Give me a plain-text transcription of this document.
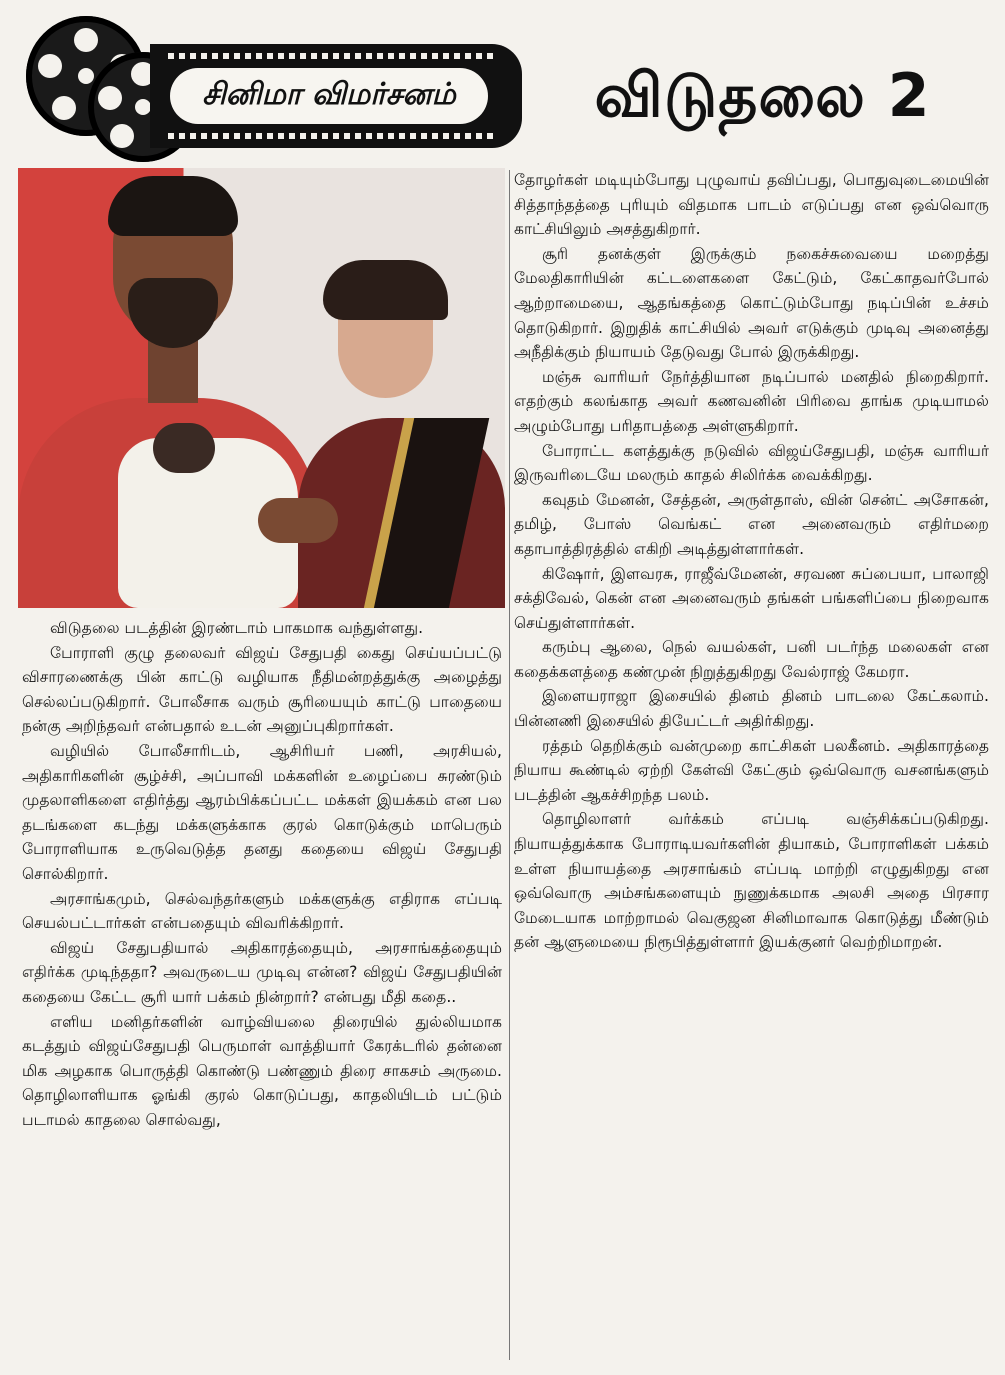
சினிமா விமர்சனம்	விடுதலை 2

விடுதலை படத்தின் இரண்டாம் பாகமாக வந்துள்ளது.

போராளி குழு தலைவர் விஜய் சேதுபதி கைது செய்யப்பட்டு விசாரணைக்கு பின் காட்டு வழியாக நீதிமன்றத்துக்கு அழைத்து செல்லப்படுகிறார். போலீசாக வரும் சூரியையும் காட்டு பாதையை நன்கு அறிந்தவர் என்பதால் உடன் அனுப்புகிறார்கள்.

வழியில் போலீசாரிடம், ஆசிரியர் பணி, அரசியல், அதிகாரிகளின் சூழ்ச்சி, அப்பாவி மக்களின் உழைப்பை சுரண்டும் முதலாளிகளை எதிர்த்து ஆரம்பிக்கப்பட்ட மக்கள் இயக்கம் என பல தடங்களை கடந்து மக்களுக்காக குரல் கொடுக்கும் மாபெரும் போராளியாக உருவெடுத்த தனது கதையை விஜய் சேதுபதி சொல்கிறார்.

அரசாங்கமும், செல்வந்தர்களும் மக்களுக்கு எதிராக எப்படி செயல்பட்டார்கள் என்பதையும் விவரிக்கிறார்.

விஜய் சேதுபதியால் அதிகாரத்தையும், அரசாங்கத்தையும் எதிர்க்க முடிந்ததா? அவருடைய முடிவு என்ன? விஜய் சேதுபதியின் கதையை கேட்ட சூரி யார் பக்கம் நின்றார்? என்பது மீதி கதை..

எளிய மனிதர்களின் வாழ்வியலை திரையில் துல்லியமாக கடத்தும் விஜய்சேதுபதி பெருமாள் வாத்தியார் கேரக்டரில் தன்னை மிக அழகாக பொருத்தி கொண்டு பண்ணும் திரை சாகசம் அருமை. தொழிலாளியாக ஓங்கி குரல் கொடுப்பது, காதலியிடம் பட்டும் படாமல் காதலை சொல்வது,

தோழர்கள் மடியும்போது புழுவாய் தவிப்பது, பொதுவுடைமையின் சித்தாந்தத்தை புரியும் விதமாக பாடம் எடுப்பது என ஒவ்வொரு காட்சியிலும் அசத்துகிறார்.

சூரி தனக்குள் இருக்கும் நகைச்சுவையை மறைத்து மேலதிகாரியின் கட்டளைகளை கேட்டும், கேட்காதவர்போல் ஆற்றாமையை, ஆதங்கத்தை கொட்டும்போது நடிப்பின் உச்சம் தொடுகிறார். இறுதிக் காட்சியில் அவர் எடுக்கும் முடிவு அனைத்து அநீதிக்கும் நியாயம் தேடுவது போல் இருக்கிறது.

மஞ்சு வாரியர் நேர்த்தியான நடிப்பால் மனதில் நிறைகிறார். எதற்கும் கலங்காத அவர் கணவனின் பிரிவை தாங்க முடியாமல் அழும்போது பரிதாபத்தை அள்ளுகிறார்.

போராட்ட களத்துக்கு நடுவில் விஜய்சேதுபதி, மஞ்சு வாரியர் இருவரிடையே மலரும் காதல் சிலிர்க்க வைக்கிறது.

கவுதம் மேனன், சேத்தன், அருள்தாஸ், வின் சென்ட் அசோகன், தமிழ், போஸ் வெங்கட் என அனைவரும் எதிர்மறை கதாபாத்திரத்தில் எகிறி அடித்துள்ளார்கள்.

கிஷோர், இளவரசு, ராஜீவ்மேனன், சரவண சுப்பையா, பாலாஜி சக்திவேல், கென் என அனைவரும் தங்கள் பங்களிப்பை நிறைவாக செய்துள்ளார்கள்.

கரும்பு ஆலை, நெல் வயல்கள், பனி படர்ந்த மலைகள் என கதைக்களத்தை கண்முன் நிறுத்துகிறது வேல்ராஜ் கேமரா.

இளையராஜா இசையில் தினம் தினம் பாடலை கேட்கலாம். பின்னணி இசையில் தியேட்டர் அதிர்கிறது.

ரத்தம் தெறிக்கும் வன்முறை காட்சிகள் பலகீனம். அதிகாரத்தை நியாய கூண்டில் ஏற்றி கேள்வி கேட்கும் ஒவ்வொரு வசனங்களும் படத்தின் ஆகச்சிறந்த பலம்.

தொழிலாளர் வர்க்கம் எப்படி வஞ்சிக்கப்படுகிறது. நியாயத்துக்காக போராடியவர்களின் தியாகம், போராளிகள் பக்கம் உள்ள நியாயத்தை அரசாங்கம் எப்படி மாற்றி எழுதுகிறது என ஒவ்வொரு அம்சங்களையும் நுணுக்கமாக அலசி அதை பிரசார மேடையாக மாற்றாமல் வெகுஜன சினிமாவாக கொடுத்து மீண்டும் தன் ஆளுமையை நிரூபித்துள்ளார் இயக்குனர் வெற்றிமாறன்.
